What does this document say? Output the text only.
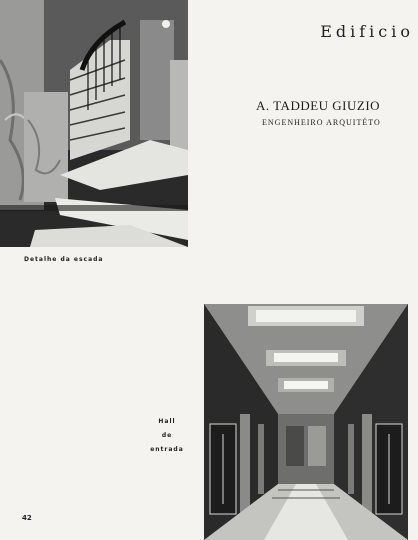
Edificio
A. TADDEU GIUZIO
ENGENHEIRO ARQUITÉTO
Detalhe da escada
Hall
de
entrada
42
